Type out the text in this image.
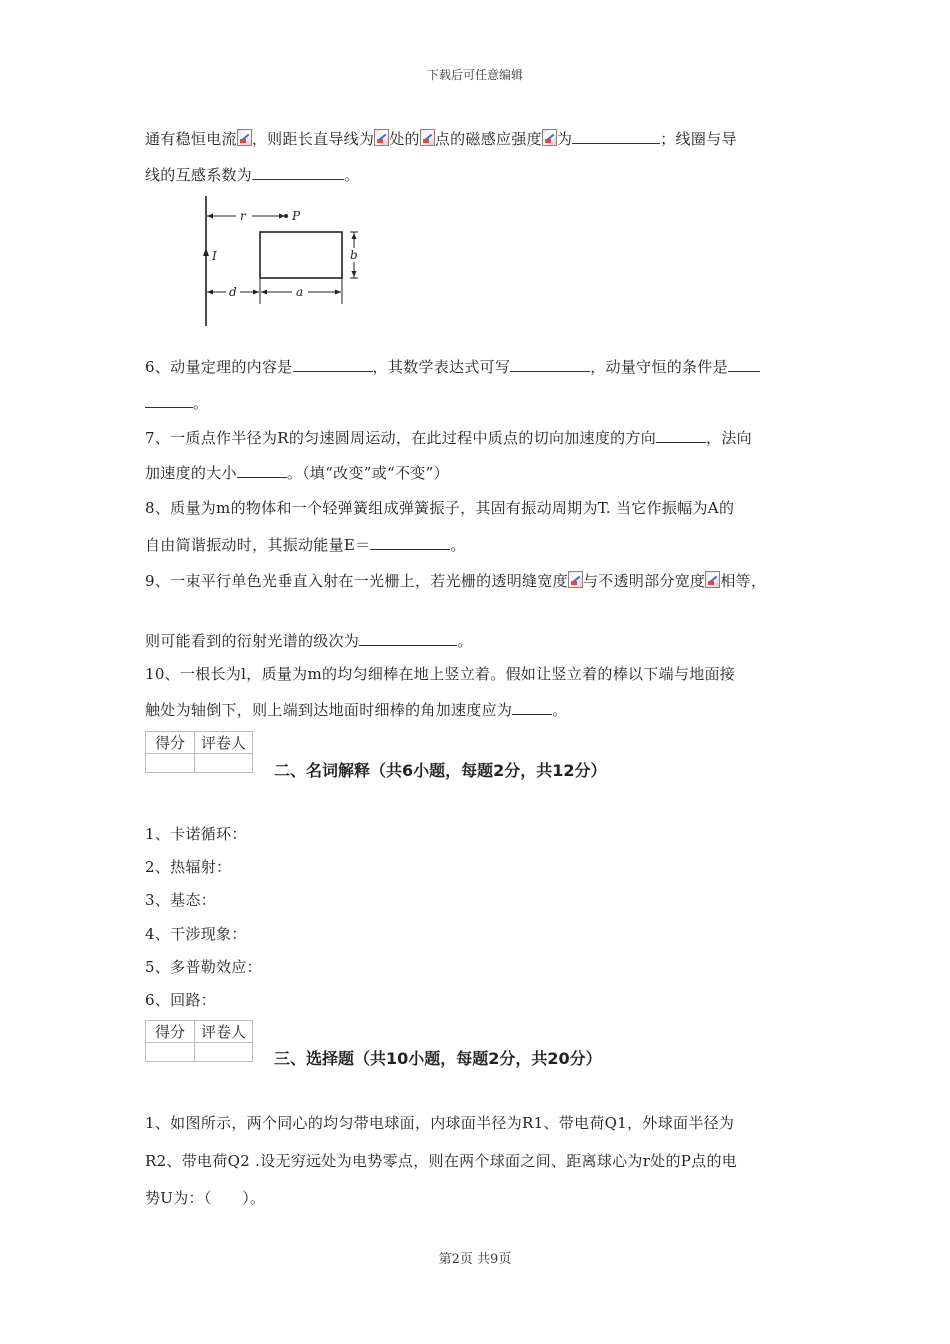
下载后可任意编辑
通有稳恒电流 ，则距长直导线为 处的 点的磁感应强度 为	；线圈与导
线的互感系数为	。
I
r	P
b
d	a
6、动量定理的内容是	，其数学表达式可写	，动量守恒的条件是
。
7、一质点作半径为R的匀速圆周运动，在此过程中质点的切向加速度的方向	，法向
加速度的大小	。（填“改变”或“不变”）
8、质量为m的物体和一个轻弹簧组成弹簧振子，其固有振动周期为T. 当它作振幅为A的
自由简谐振动时，其振动能量E＝	。
9、一束平行单色光垂直入射在一光栅上，若光栅的透明缝宽度 与不透明部分宽度 相等，
则可能看到的衍射光谱的级次为	。
10、一根长为l，质量为m的均匀细棒在地上竖立着。假如让竖立着的棒以下端与地面接
触处为轴倒下，则上端到达地面时细棒的角加速度应为	。
得分	评卷人

二、名词解释（共6小题，每题2分，共12分）
1、卡诺循环：
2、热辐射：
3、基态：
4、干涉现象：
5、多普勒效应：
6、回路：
得分	评卷人

三、选择题（共10小题，每题2分，共20分）
1、如图所示，两个同心的均匀带电球面，内球面半径为R1、带电荷Q1，外球面半径为
R2、带电荷Q2 .设无穷远处为电势零点，则在两个球面之间、距离球心为r处的P点的电
势U为：（　　）。
第2页 共9页
